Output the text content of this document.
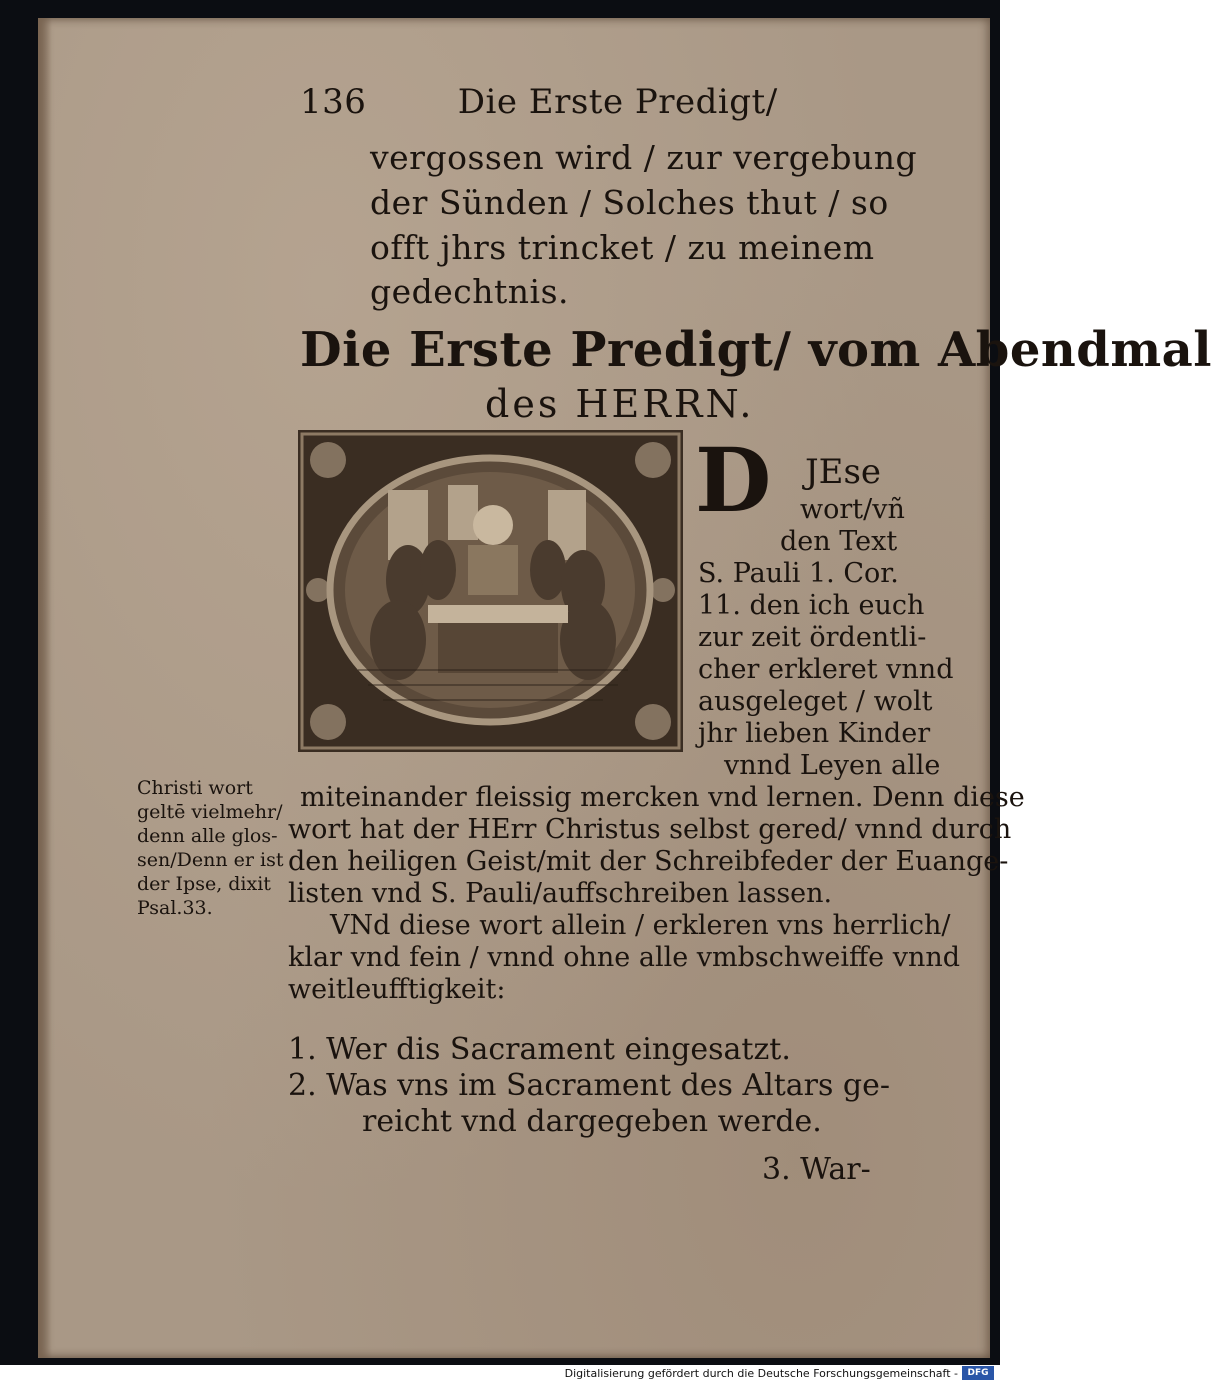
136	Die Erste Predigt/
vergossen wird / zur vergebung
der Sünden / Solches thut / so
offt jhrs trincket / zu meinem
gedechtnis.
Die Erste Predigt/ vom Abendmal
des HERRN.
D JEse
wort/vñ
den Text
S. Pauli 1. Cor.
11. den ich euch
zur zeit ördentli-
cher erkleret vnnd
ausgeleget / wolt
jhr lieben Kinder
vnnd Leyen alle
miteinander fleissig mercken vnd lernen. Denn diese
wort hat der HErr Christus selbst gered/ vnnd durch
den heiligen Geist/mit der Schreibfeder der Euange-
listen vnd S. Pauli/auffschreiben lassen.
VNd diese wort allein / erkleren vns herrlich/
klar vnd fein / vnnd ohne alle vmbschweiffe vnnd
weitleufftigkeit:
Christi wort
geltē vielmehr/
denn alle glos-
sen/Denn er ist
der Ipse, dixit
Psal.33.
1. Wer dis Sacrament eingesatzt.
2. Was vns im Sacrament des Altars ge-
reicht vnd dargegeben werde.
3. War-
Digitalisierung gefördert durch die Deutsche Forschungsgemeinschaft -	DFG
